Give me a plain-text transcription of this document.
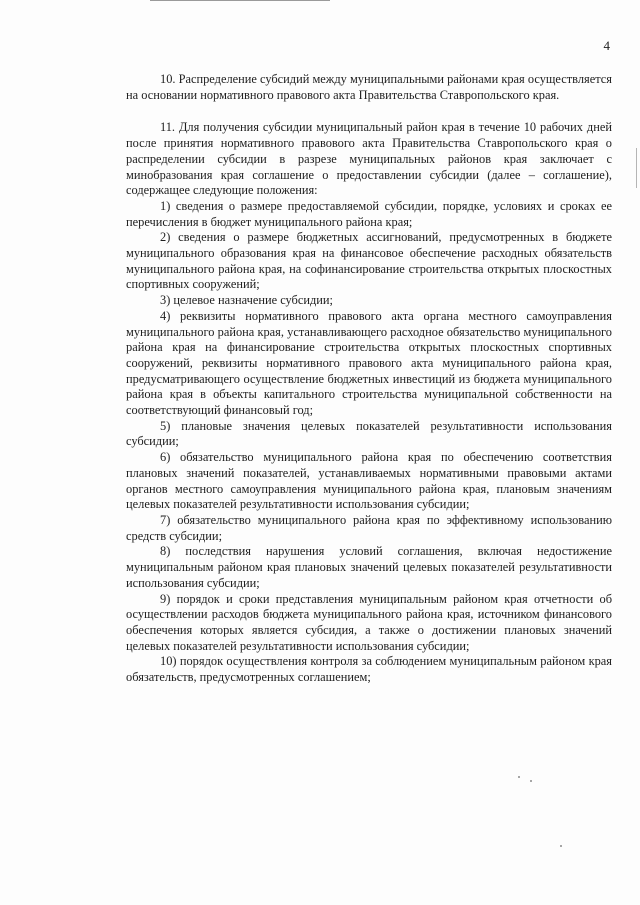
4

10. Распределение субсидий между муниципальными районами края осуществляется на основании нормативного правового акта Правительства Ставропольского края.

11. Для получения субсидии муниципальный район края в течение 10 рабочих дней после принятия нормативного правового акта Правительства Ставропольского края о распределении субсидии в разрезе муниципальных районов края заключает с минобразования края соглашение о предоставлении субсидии (далее – соглашение), содержащее следующие положения:

1) сведения о размере предоставляемой субсидии, порядке, условиях и сроках ее перечисления в бюджет муниципального района края;

2) сведения о размере бюджетных ассигнований, предусмотренных в бюджете муниципального образования края на финансовое обеспечение расходных обязательств муниципального района края, на софинансирование строительства открытых плоскостных спортивных сооружений;

3) целевое назначение субсидии;

4) реквизиты нормативного правового акта органа местного самоуправления муниципального района края, устанавливающего расходное обязательство муниципального района края на финансирование строительства открытых плоскостных спортивных сооружений, реквизиты нормативного правового акта муниципального района края, предусматривающего осуществление бюджетных инвестиций из бюджета муниципального района края в объекты капитального строительства муниципальной собственности на соответствующий финансовый год;

5) плановые значения целевых показателей результативности использования субсидии;

6) обязательство муниципального района края по обеспечению соответствия плановых значений показателей, устанавливаемых нормативными правовыми актами органов местного самоуправления муниципального района края, плановым значениям целевых показателей результативности использования субсидии;

7) обязательство муниципального района края по эффективному использованию средств субсидии;

8) последствия нарушения условий соглашения, включая недостижение муниципальным районом края плановых значений целевых показателей результативности использования субсидии;

9) порядок и сроки представления муниципальным районом края отчетности об осуществлении расходов бюджета муниципального района края, источником финансового обеспечения которых является субсидия, а также о достижении плановых значений целевых показателей результативности использования субсидии;

10) порядок осуществления контроля за соблюдением муниципальным районом края обязательств, предусмотренных соглашением;
